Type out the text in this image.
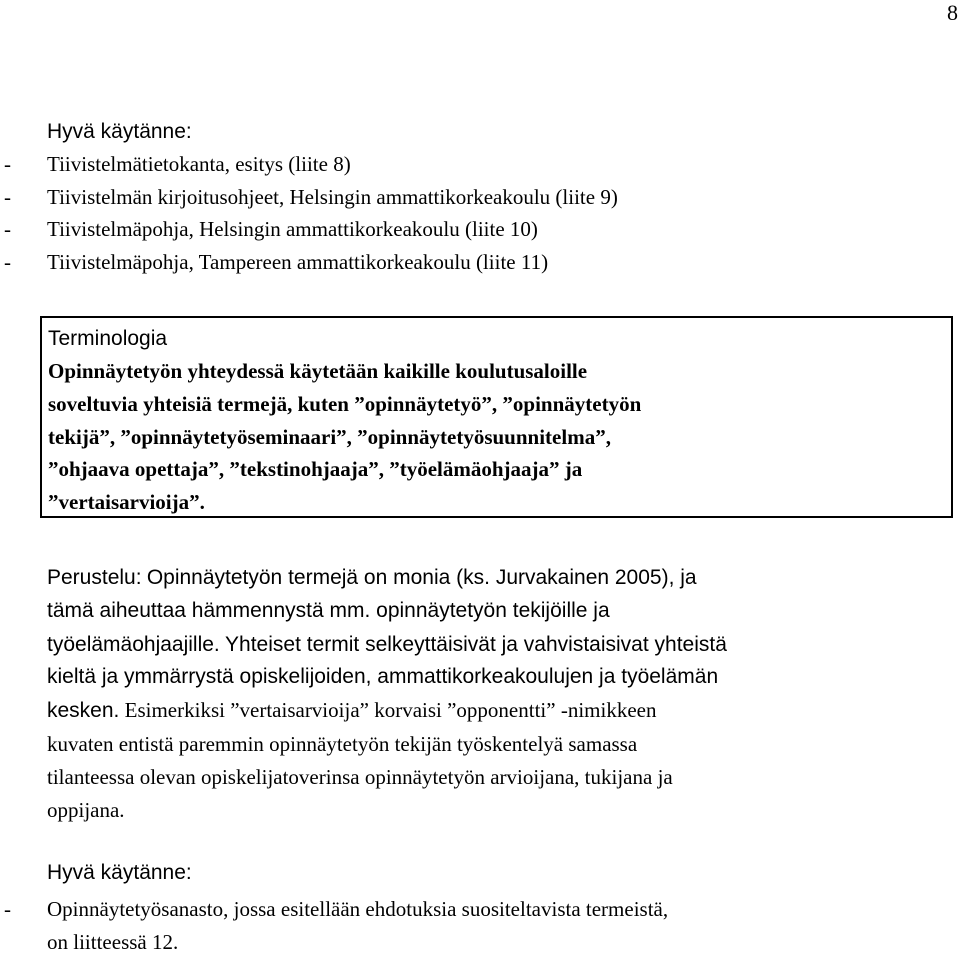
8
Hyvä käytänne:
- Tiivistelmätietokanta, esitys (liite 8)
- Tiivistelmän kirjoitusohjeet, Helsingin ammattikorkeakoulu (liite 9)
- Tiivistelmäpohja, Helsingin ammattikorkeakoulu (liite 10)
- Tiivistelmäpohja, Tampereen ammattikorkeakoulu (liite 11)
Terminologia
Opinnäytetyön yhteydessä käytetään kaikille koulutusaloille
soveltuvia yhteisiä termejä, kuten ”opinnäytetyö”, ”opinnäytetyön
tekijä”, ”opinnäytetyöseminaari”, ”opinnäytetyösuunnitelma”,
”ohjaava opettaja”, ”tekstinohjaaja”, ”työelämäohjaaja” ja
”vertaisarvioija”.
Perustelu: Opinnäytetyön termejä on monia (ks. Jurvakainen 2005), ja
tämä aiheuttaa hämmennystä mm. opinnäytetyön tekijöille ja
työelämäohjaajille. Yhteiset termit selkeyttäisivät ja vahvistaisivat yhteistä
kieltä ja ymmärrystä opiskelijoiden, ammattikorkeakoulujen ja työelämän
kesken. Esimerkiksi ”vertaisarvioija” korvaisi ”opponentti” -nimikkeen
kuvaten entistä paremmin opinnäytetyön tekijän työskentelyä samassa
tilanteessa olevan opiskelijatoverinsa opinnäytetyön arvioijana, tukijana ja
oppijana.
Hyvä käytänne:
- Opinnäytetyösanasto, jossa esitellään ehdotuksia suositeltavista termeistä,
on liitteessä 12.
